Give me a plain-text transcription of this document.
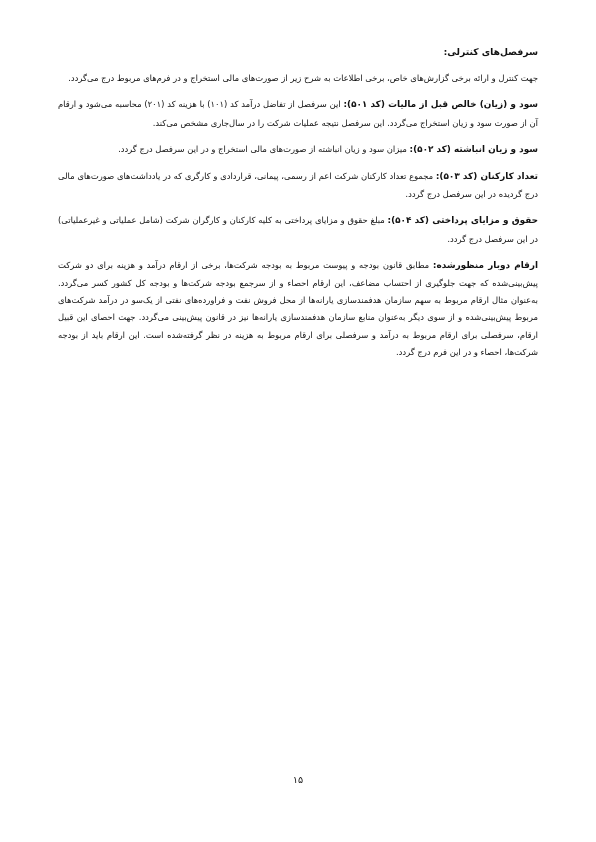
سرفصل‌های کنترلی:

جهت کنترل و ارائه برخی گزارش‌های خاص، برخی اطلاعات به شرح زیر از صورت‌های مالی استخراج و در فرم‌های مربوط درج می‌گردد.

سود و (زیان) خالص قبل از مالیات (کد ۵۰۱): این سرفصل از تفاضل درآمد کد (۱۰۱) با هزینه کد (۲۰۱) محاسبه می‌شود و ارقام آن از صورت سود و زیان استخراج می‌گردد. این سرفصل نتیجه عملیات شرکت را در سال‌جاری مشخص می‌کند.

سود و زیان انباشته (کد ۵۰۲): میزان سود و زیان انباشته از صورت‌های مالی استخراج و در این سرفصل درج گردد.

تعداد کارکنان (کد ۵۰۳): مجموع تعداد کارکنان شرکت اعم از رسمی، پیمانی، قراردادی و کارگری که در یادداشت‌های صورت‌های مالی درج گردیده در این سرفصل درج گردد.

حقوق و مزایای پرداختی (کد ۵۰۴): مبلغ حقوق و مزایای پرداختی به کلیه کارکنان و کارگران شرکت (شامل عملیاتی و غیرعملیاتی) در این سرفصل درج گردد.

ارقام دوبار منظورشده: مطابق قانون بودجه و پیوست مربوط به بودجه شرکت‌ها، برخی از ارقام درآمد و هزینه برای دو شرکت پیش‌بینی‌شده که جهت جلوگیری از احتساب مضاعف، این ارقام احصاء و از سرجمع بودجه شرکت‌ها و بودجه کل کشور کسر می‌گردد. به‌عنوان مثال ارقام مربوط به سهم سازمان هدفمندسازی یارانه‌ها از محل فروش نفت و فراورده‌های نفتی از یک‌سو در درآمد شرکت‌های مربوط پیش‌بینی‌شده و از سوی دیگر به‌عنوان منابع سازمان هدفمندسازی یارانه‌ها نیز در قانون پیش‌بینی می‌گردد. جهت احصای این قبیل ارقام، سرفصلی برای ارقام مربوط به درآمد و سرفصلی برای ارقام مربوط به هزینه در نظر گرفته‌شده است. این ارقام باید از بودجه شرکت‌ها، احصاء و در این فرم درج گردد.

۱۵
